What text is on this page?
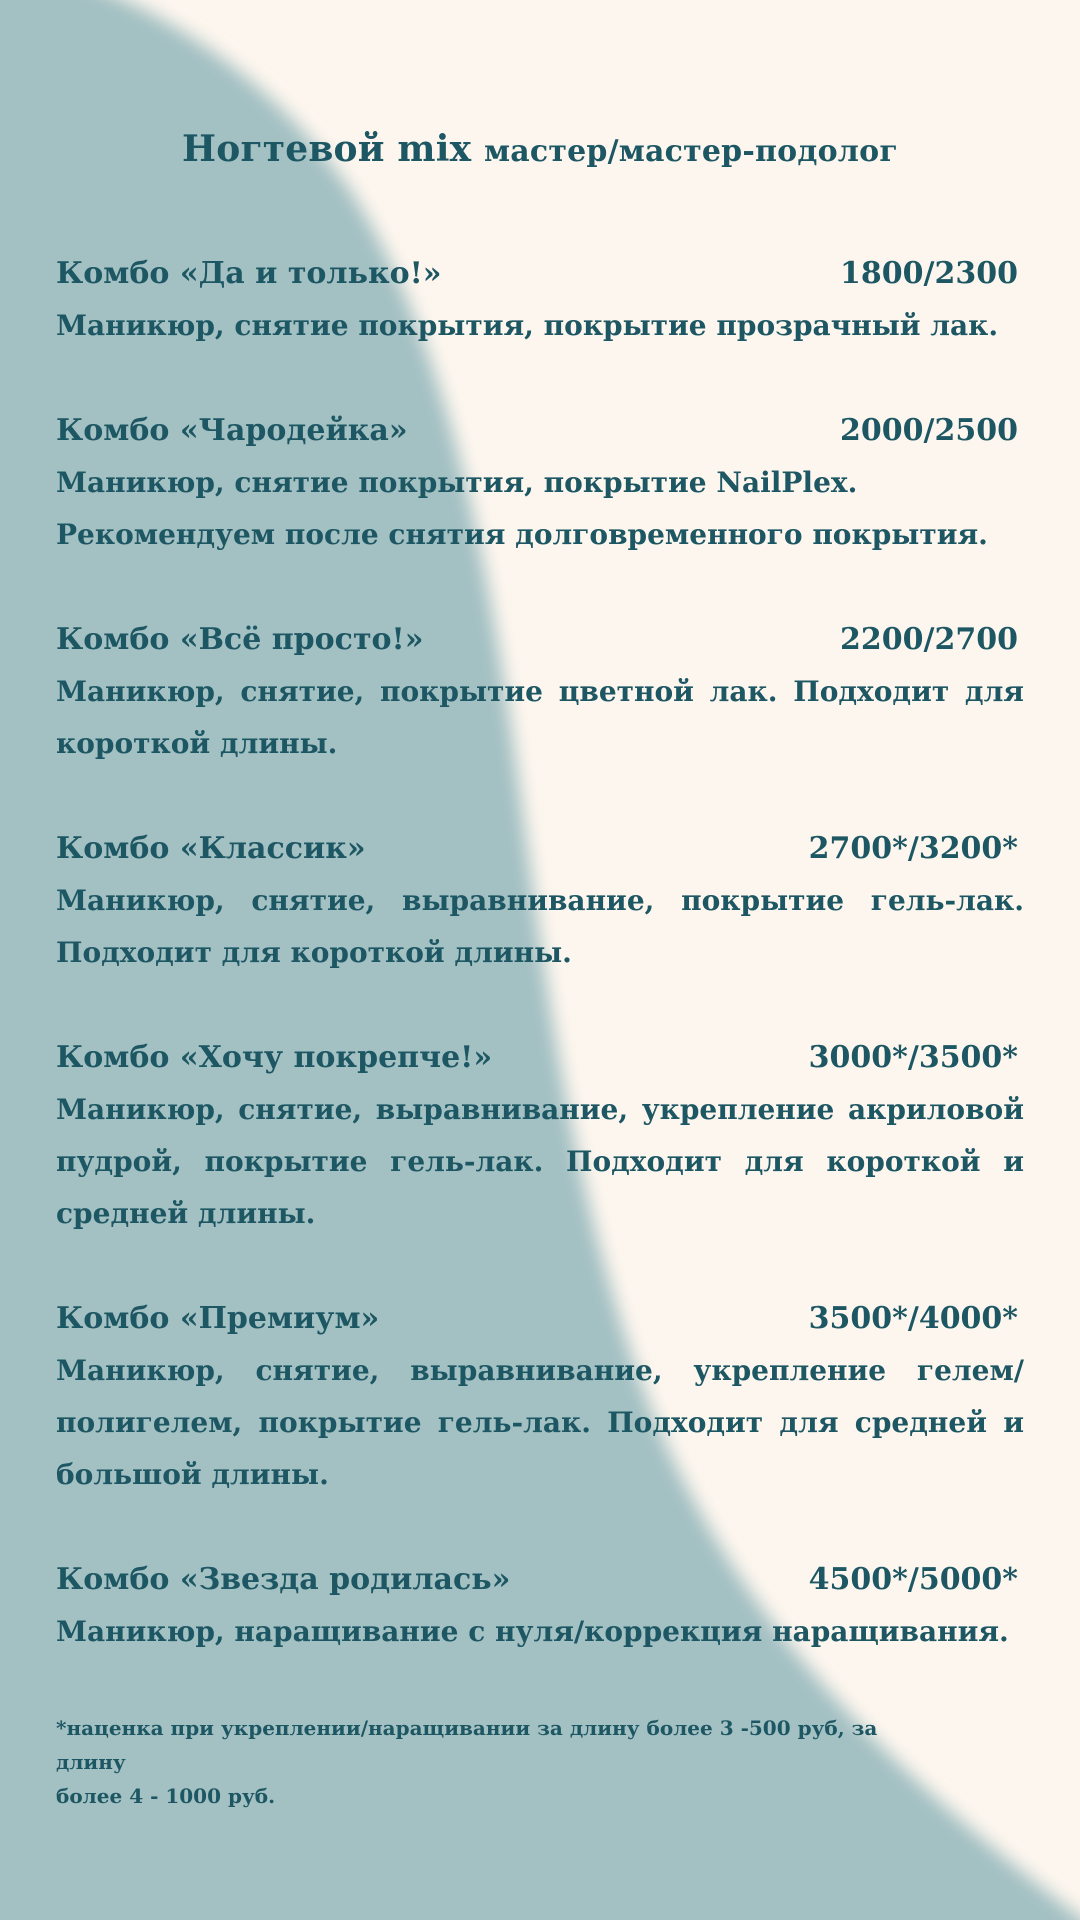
Ногтевой mix мастер/мастер-подолог
Комбо «Да и только!»	1800/2300
Маникюр, снятие покрытия, покрытие прозрачный лак.
Комбо «Чародейка»	2000/2500
Маникюр, снятие покрытия, покрытие NailPlex.
Рекомендуем после снятия долговременного покрытия.
Комбо «Всё просто!»	2200/2700
Маникюр, снятие, покрытие цветной лак. Подходит для короткой длины.
Комбо «Классик»	2700*/3200*
Маникюр, снятие, выравнивание, покрытие гель-лак. Подходит для короткой длины.
Комбо «Хочу покрепче!»	3000*/3500*
Маникюр, снятие, выравнивание, укрепление акриловой пудрой, покрытие гель-лак. Подходит для короткой и средней длины.
Комбо «Премиум»	3500*/4000*
Маникюр, снятие, выравнивание, укрепление гелем/полигелем, покрытие гель-лак. Подходит для средней и большой длины.
Комбо «Звезда родилась»	4500*/5000*
Маникюр, наращивание с нуля/коррекция наращивания.
*наценка при укреплении/наращивании за длину более 3 -500 руб, за длину
более 4 - 1000 руб.
